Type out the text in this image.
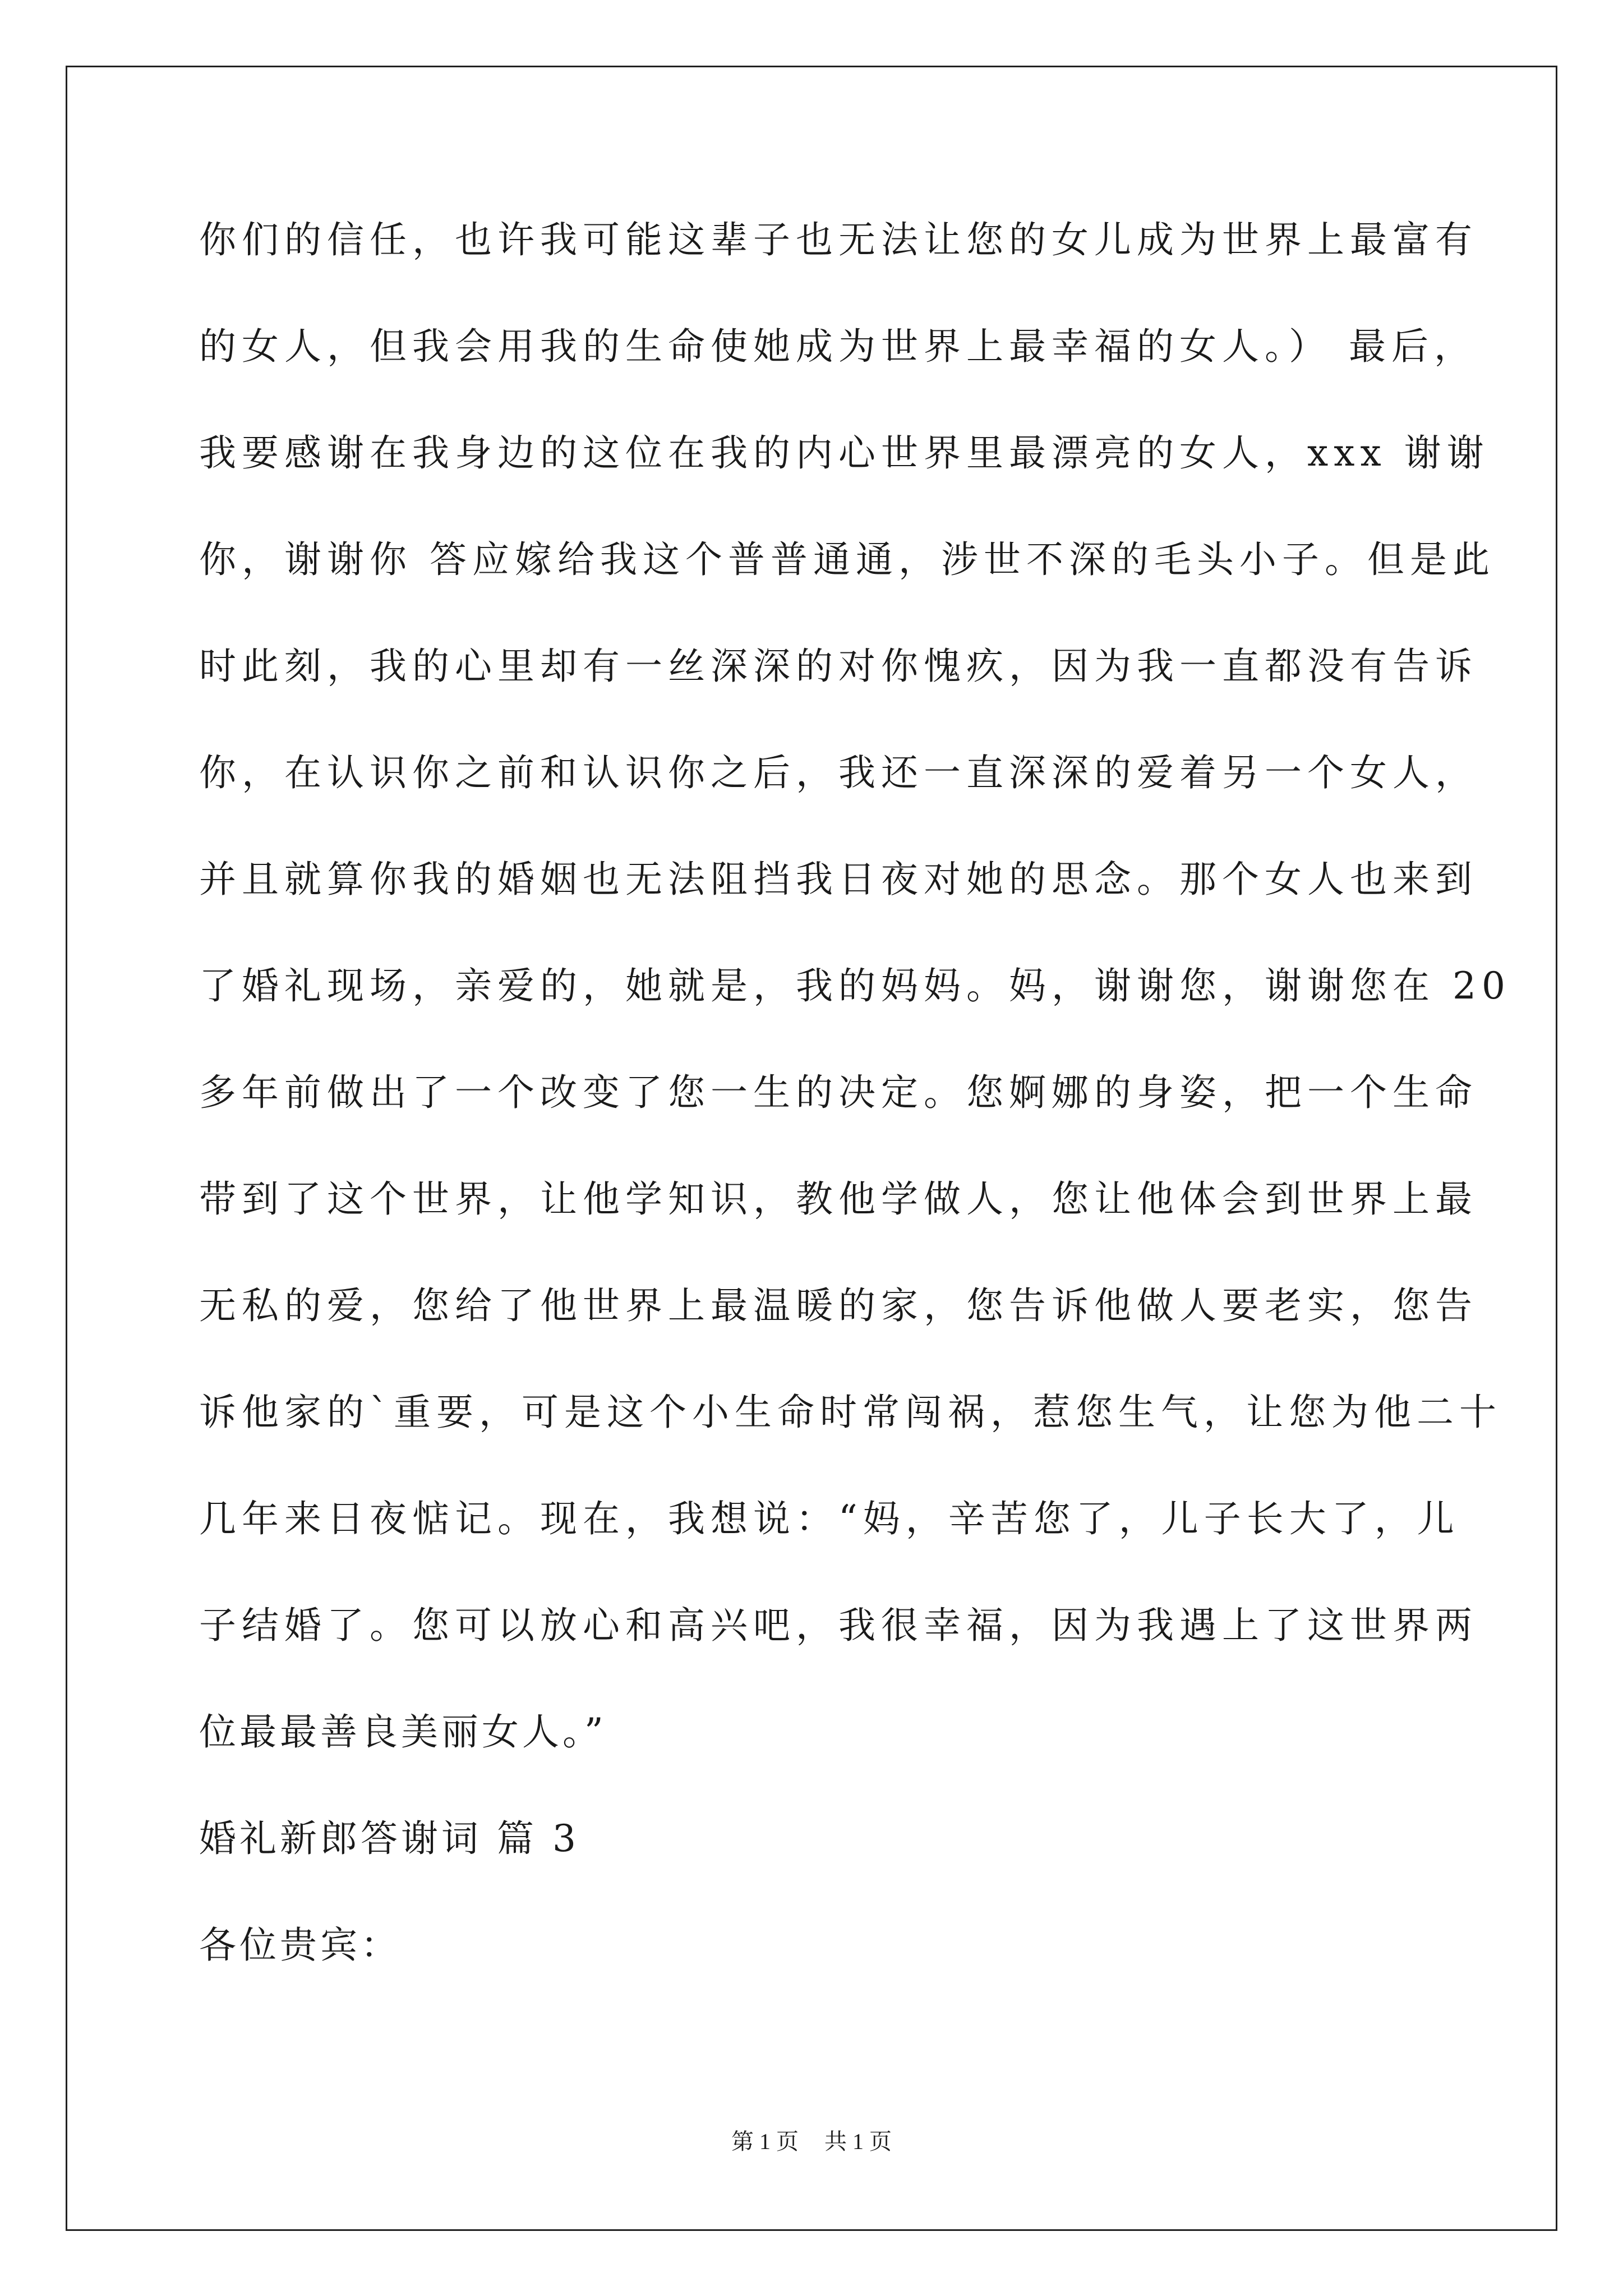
你们的信任，也许我可能这辈子也无法让您的女儿成为世界上最富有
的女人，但我会用我的生命使她成为世界上最幸福的女人。） 最后，
我要感谢在我身边的这位在我的内心世界里最漂亮的女人，xxx 谢谢
你，谢谢你 答应嫁给我这个普普通通，涉世不深的毛头小子。但是此
时此刻，我的心里却有一丝深深的对你愧疚，因为我一直都没有告诉
你，在认识你之前和认识你之后，我还一直深深的爱着另一个女人，
并且就算你我的婚姻也无法阻挡我日夜对她的思念。那个女人也来到
了婚礼现场，亲爱的，她就是，我的妈妈。妈，谢谢您，谢谢您在 20
多年前做出了一个改变了您一生的决定。您婀娜的身姿，把一个生命
带到了这个世界，让他学知识，教他学做人，您让他体会到世界上最
无私的爱，您给了他世界上最温暖的家，您告诉他做人要老实，您告
诉他家的`重要，可是这个小生命时常闯祸，惹您生气，让您为他二十
几年来日夜惦记。现在，我想说：“妈，辛苦您了，儿子长大了，儿
子结婚了。您可以放心和高兴吧，我很幸福，因为我遇上了这世界两
位最最善良美丽女人。”
婚礼新郎答谢词 篇 3
各位贵宾：
第 1 页 共 1 页
